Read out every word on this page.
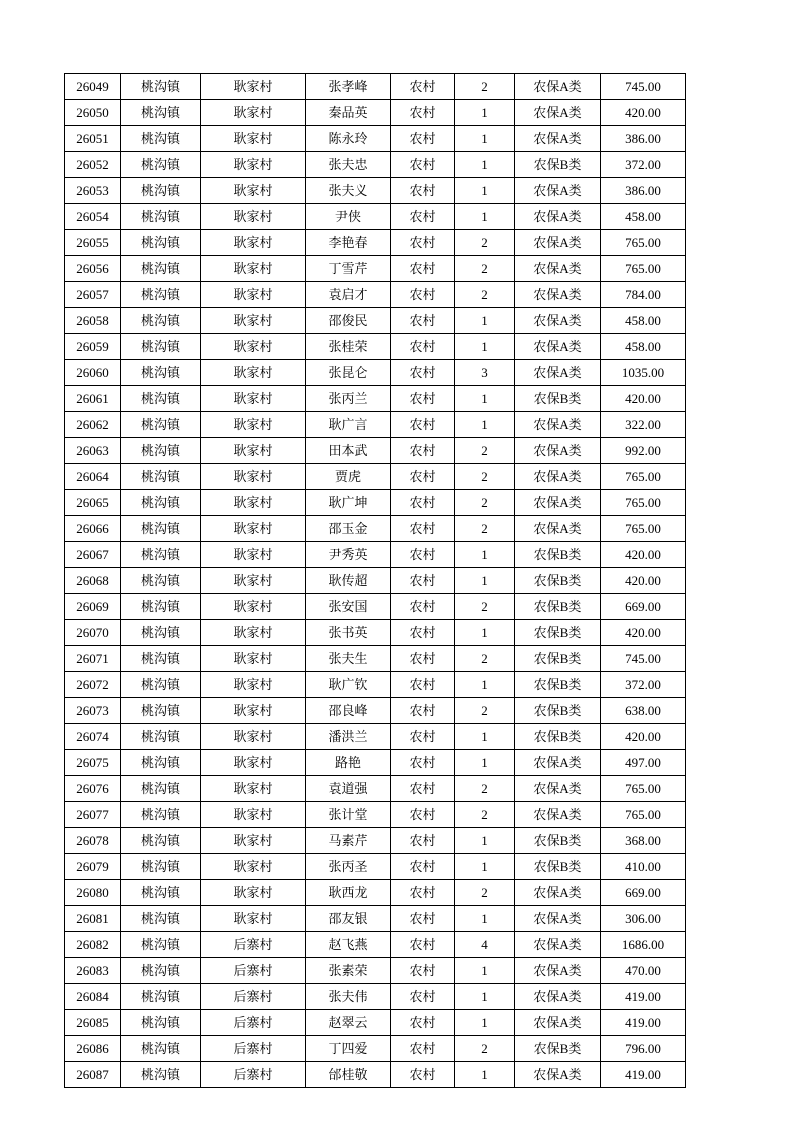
26049	桃沟镇	耿家村	张孝峰	农村	2	农保A类	745.00
26050	桃沟镇	耿家村	秦品英	农村	1	农保A类	420.00
26051	桃沟镇	耿家村	陈永玲	农村	1	农保A类	386.00
26052	桃沟镇	耿家村	张夫忠	农村	1	农保B类	372.00
26053	桃沟镇	耿家村	张夫义	农村	1	农保A类	386.00
26054	桃沟镇	耿家村	尹侠	农村	1	农保A类	458.00
26055	桃沟镇	耿家村	李艳春	农村	2	农保A类	765.00
26056	桃沟镇	耿家村	丁雪芹	农村	2	农保A类	765.00
26057	桃沟镇	耿家村	袁启才	农村	2	农保A类	784.00
26058	桃沟镇	耿家村	邵俊民	农村	1	农保A类	458.00
26059	桃沟镇	耿家村	张桂荣	农村	1	农保A类	458.00
26060	桃沟镇	耿家村	张昆仑	农村	3	农保A类	1035.00
26061	桃沟镇	耿家村	张丙兰	农村	1	农保B类	420.00
26062	桃沟镇	耿家村	耿广言	农村	1	农保A类	322.00
26063	桃沟镇	耿家村	田本武	农村	2	农保A类	992.00
26064	桃沟镇	耿家村	贾虎	农村	2	农保A类	765.00
26065	桃沟镇	耿家村	耿广坤	农村	2	农保A类	765.00
26066	桃沟镇	耿家村	邵玉金	农村	2	农保A类	765.00
26067	桃沟镇	耿家村	尹秀英	农村	1	农保B类	420.00
26068	桃沟镇	耿家村	耿传超	农村	1	农保B类	420.00
26069	桃沟镇	耿家村	张安国	农村	2	农保B类	669.00
26070	桃沟镇	耿家村	张书英	农村	1	农保B类	420.00
26071	桃沟镇	耿家村	张夫生	农村	2	农保B类	745.00
26072	桃沟镇	耿家村	耿广钦	农村	1	农保B类	372.00
26073	桃沟镇	耿家村	邵良峰	农村	2	农保B类	638.00
26074	桃沟镇	耿家村	潘洪兰	农村	1	农保B类	420.00
26075	桃沟镇	耿家村	路艳	农村	1	农保A类	497.00
26076	桃沟镇	耿家村	袁道强	农村	2	农保A类	765.00
26077	桃沟镇	耿家村	张计堂	农村	2	农保A类	765.00
26078	桃沟镇	耿家村	马素芹	农村	1	农保B类	368.00
26079	桃沟镇	耿家村	张丙圣	农村	1	农保B类	410.00
26080	桃沟镇	耿家村	耿西龙	农村	2	农保A类	669.00
26081	桃沟镇	耿家村	邵友银	农村	1	农保A类	306.00
26082	桃沟镇	后寨村	赵飞燕	农村	4	农保A类	1686.00
26083	桃沟镇	后寨村	张素荣	农村	1	农保A类	470.00
26084	桃沟镇	后寨村	张夫伟	农村	1	农保A类	419.00
26085	桃沟镇	后寨村	赵翠云	农村	1	农保A类	419.00
26086	桃沟镇	后寨村	丁四爱	农村	2	农保B类	796.00
26087	桃沟镇	后寨村	邰桂敬	农村	1	农保A类	419.00
